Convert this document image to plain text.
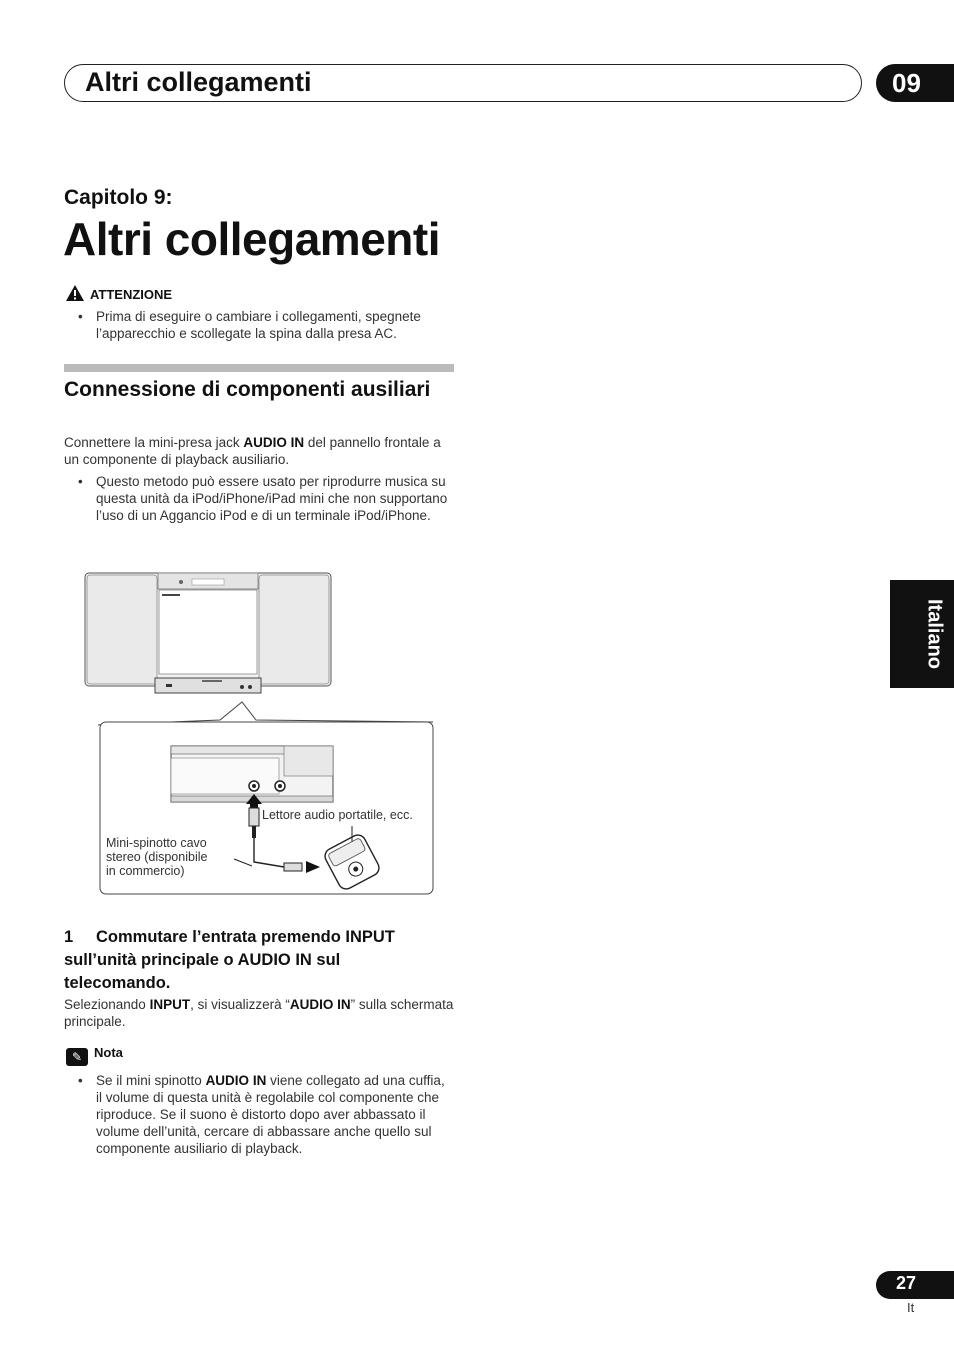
Altri collegamenti	09
Capitolo 9:
Altri collegamenti
ATTENZIONE
• Prima di eseguire o cambiare i collegamenti, spegnete l’apparecchio e scollegate la spina dalla presa AC.
Connessione di componenti ausiliari
Connettere la mini-presa jack AUDIO IN del pannello frontale a un componente di playback ausiliario.
• Questo metodo può essere usato per riprodurre musica su questa unità da iPod/iPhone/iPad mini che non supportano l’uso di un Aggancio iPod e di un terminale iPod/iPhone.
Lettore audio portatile, ecc.
Mini-spinotto cavo
stereo (disponibile
in commercio)
1 Commutare l’entrata premendo INPUT
sull’unità principale o AUDIO IN sul
telecomando.
Selezionando INPUT, si visualizzerà “AUDIO IN” sulla schermata principale.
✎ Nota
• Se il mini spinotto AUDIO IN viene collegato ad una cuffia, il volume di questa unità è regolabile col componente che riproduce. Se il suono è distorto dopo aver abbassato il volume dell’unità, cercare di abbassare anche quello sul componente ausiliario di playback.
Italiano
27
It
